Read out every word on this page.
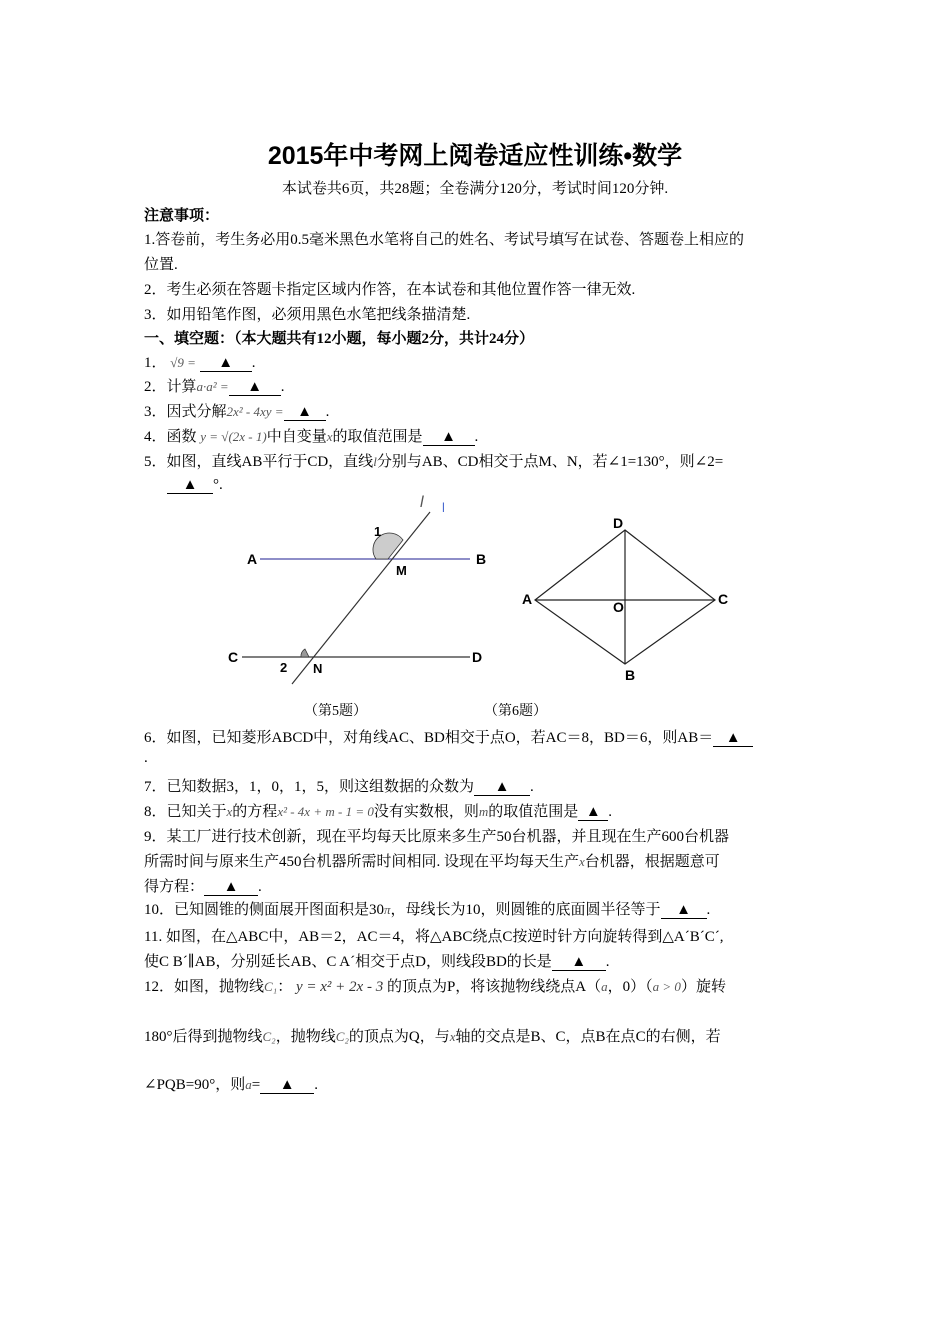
2015年中考网上阅卷适应性训练•数学
本试卷共6页，共28题；全卷满分120分，考试时间120分钟.
注意事项：
1.答卷前，考生务必用0.5毫米黑色水笔将自己的姓名、考试号填写在试卷、答题卷上相应的
位置.
2．考生必须在答题卡指定区域内作答，在本试卷和其他位置作答一律无效.
3．如用铅笔作图，必须用黑色水笔把线条描清楚.
一、填空题：（本大题共有12小题，每小题2分，共计24分）
1． √9 = ▲ .
2．计算a·a² = ▲ .
3．因式分解2x² - 4xy = ▲ .
4．函数 y = √(2x - 1)中自变量x的取值范围是 ▲ .
5．如图，直线AB平行于CD，直线l分别与AB、CD相交于点M、N，若∠1=130°，则∠2=
▲ °.
A	B
C	D
M
N
1
2
l l
D
A	C
B
O
（第5题）	（第6题）
6．如图，已知菱形ABCD中，对角线AC、BD相交于点O，若AC＝8，BD＝6，则AB＝ ▲
.
7．已知数据3，1，0，1，5，则这组数据的众数为 ▲ .
8．已知关于x的方程x² - 4x + m - 1 = 0没有实数根，则m的取值范围是 ▲ .
9．某工厂进行技术创新，现在平均每天比原来多生产50台机器，并且现在生产600台机器
所需时间与原来生产450台机器所需时间相同. 设现在平均每天生产x台机器，根据题意可
得方程： ▲ .
10．已知圆锥的侧面展开图面积是30π，母线长为10，则圆锥的底面圆半径等于 ▲ .
11. 如图，在△ABC中，AB＝2，AC＝4，将△ABC绕点C按逆时针方向旋转得到△A´B´C´,
使C B´∥AB，分别延长AB、C A´相交于点D，则线段BD的长是 ▲ .
12．如图，抛物线C₁： y = x² + 2x - 3 的顶点为P，将该抛物线绕点A（a，0）（a > 0）旋转
180°后得到抛物线C₂，抛物线C₂的顶点为Q，与x轴的交点是B、C，点B在点C的右侧，若
∠PQB=90°，则a= ▲ .
